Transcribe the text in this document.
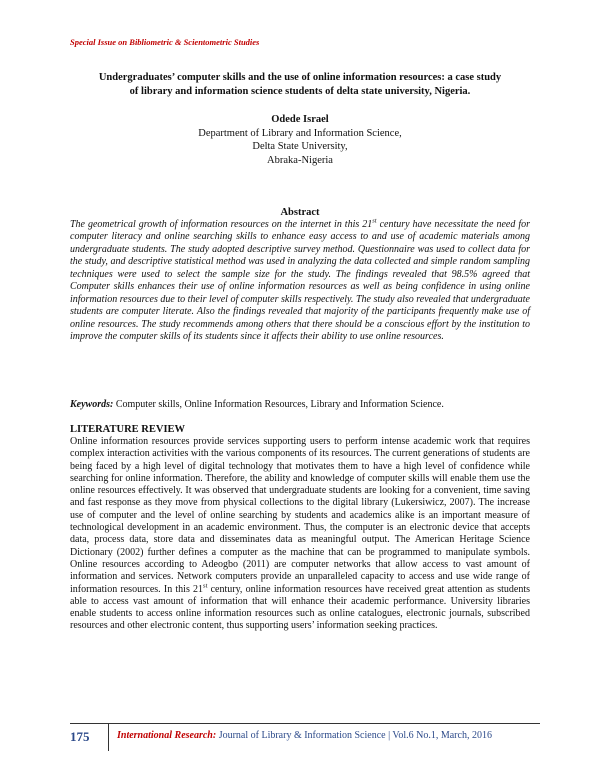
Special Issue on Bibliometric & Scientometric Studies
Undergraduates’ computer skills and the use of online information resources: a case study
of library and information science students of delta state university, Nigeria.
Odede Israel
Department of Library and Information Science,
Delta State University,
Abraka-Nigeria
Abstract

The geometrical growth of information resources on the internet in this 21st century have necessitate the need for computer literacy and online searching skills to enhance easy access to and use of academic materials among undergraduate students. The study adopted descriptive survey method. Questionnaire was used to collect data for the study, and descriptive statistical method was used in analyzing the data collected and simple random sampling techniques were used to select the sample size for the study. The findings revealed that 98.5% agreed that Computer skills enhances their use of online information resources as well as being confidence in using online information resources due to their level of computer skills respectively. The study also revealed that undergraduate students are computer literate. Also the findings revealed that majority of the participants frequently make use of online resources. The study recommends among others that there should be a conscious effort by the institution to improve the computer skills of its students since it affects their ability to use online resources.

Keywords: Computer skills, Online Information Resources, Library and Information Science.

LITERATURE REVIEW

Online information resources provide services supporting users to perform intense academic work that requires complex interaction activities with the various components of its resources. The current generations of students are being faced by a high level of digital technology that motivates them to have a high level of confidence while searching for online information. Therefore, the ability and knowledge of computer skills will enable them use the online resources effectively. It was observed that undergraduate students are looking for a convenient, time saving and fast response as they move from physical collections to the digital library (Lukersiwicz, 2007). The increase use of computer and the level of online searching by students and academics alike is an important measure of technological development in an academic environment. Thus, the computer is an electronic device that accepts data, process data, store data and disseminates data as meaningful output. The American Heritage Science Dictionary (2002) further defines a computer as the machine that can be programmed to manipulate symbols. Online resources according to Adeogbo (2011) are computer networks that allow access to vast amount of information and services. Network computers provide an unparalleled capacity to access and use wide range of information resources. In this 21st century, online information resources have received great attention as students able to access vast amount of information that will enhance their academic performance. University libraries enable students to access online information resources such as online catalogues, electronic journals, subscribed resources and other electronic content, thus supporting users’ information seeking practices.

175	International Research: Journal of Library & Information Science | Vol.6 No.1, March, 2016
